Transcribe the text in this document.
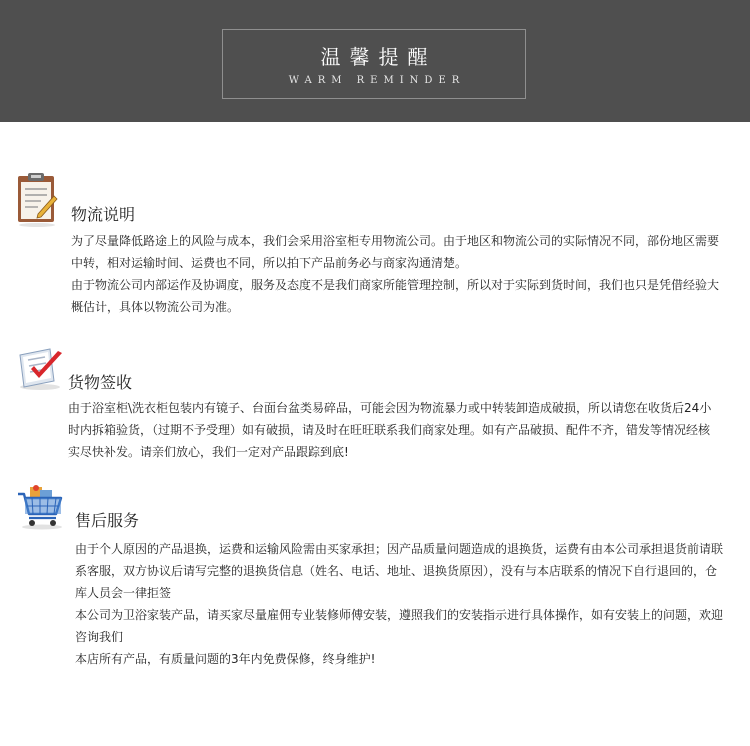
温馨提醒
WARM REMINDER
物流说明

为了尽量降低路途上的风险与成本，我们会采用浴室柜专用物流公司。由于地区和物流公司的实际情况不同，部份地区需要中转，相对运输时间、运费也不同，所以拍下产品前务必与商家沟通清楚。

由于物流公司内部运作及协调度，服务及态度不是我们商家所能管理控制，所以对于实际到货时间，我们也只是凭借经验大概估计，具体以物流公司为准。

货物签收

由于浴室柜\洗衣柜包装内有镜子、台面台盆类易碎品，可能会因为物流暴力或中转装卸造成破损，所以请您在收货后24小时内拆箱验货，（过期不予受理）如有破损，请及时在旺旺联系我们商家处理。如有产品破损、配件不齐，错发等情况经核实尽快补发。请亲们放心，我们一定对产品跟踪到底!

售后服务

由于个人原因的产品退换，运费和运输风险需由买家承担；因产品质量问题造成的退换货，运费有由本公司承担退货前请联系客服，双方协议后请写完整的退换货信息（姓名、电话、地址、退换货原因），没有与本店联系的情况下自行退回的，仓库人员会一律拒签

本公司为卫浴家装产品，请买家尽量雇佣专业装修师傅安装，遵照我们的安装指示进行具体操作，如有安装上的问题，欢迎咨询我们

本店所有产品，有质量问题的3年内免费保修，终身维护!
